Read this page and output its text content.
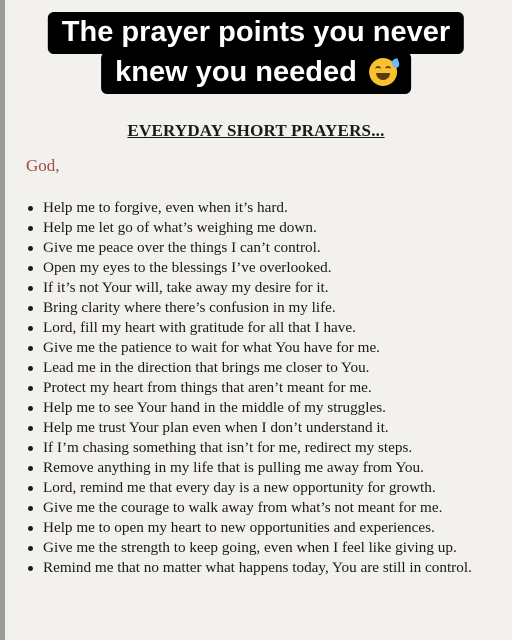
The prayer points you never
knew you needed
EVERYDAY SHORT PRAYERS...
God,
Help me to forgive, even when it’s hard.
Help me let go of what’s weighing me down.
Give me peace over the things I can’t control.
Open my eyes to the blessings I’ve overlooked.
If it’s not Your will, take away my desire for it.
Bring clarity where there’s confusion in my life.
Lord, fill my heart with gratitude for all that I have.
Give me the patience to wait for what You have for me.
Lead me in the direction that brings me closer to You.
Protect my heart from things that aren’t meant for me.
Help me to see Your hand in the middle of my struggles.
Help me trust Your plan even when I don’t understand it.
If I’m chasing something that isn’t for me, redirect my steps.
Remove anything in my life that is pulling me away from You.
Lord, remind me that every day is a new opportunity for growth.
Give me the courage to walk away from what’s not meant for me.
Help me to open my heart to new opportunities and experiences.
Give me the strength to keep going, even when I feel like giving up.
Remind me that no matter what happens today, You are still in control.
